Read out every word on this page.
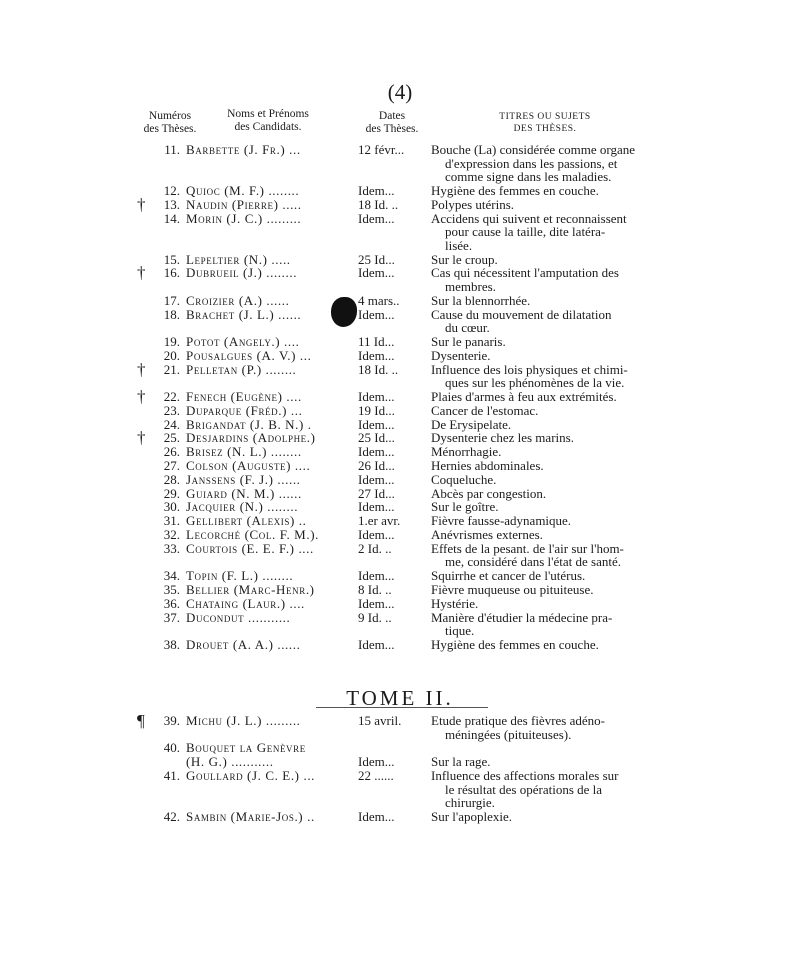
(4)
Numéros
des Thèses.
Noms et Prénoms
des Candidats.
Dates
des Thèses.
TITRES OU SUJETS
DES THÈSES.
11. Barbette (J. Fr.) ...	12 févr... Bouche (La) considérée comme organe
d'expression dans les passions, et
comme signe dans les maladies.
12. Quioc (M. F.) ........	Idem...	Hygiène des femmes en couche.
†	13. Naudin (Pierre) .....	18 Id. ..	Polypes utérins.
14. Morin (J. C.) .........	Idem...	Accidens qui suivent et reconnaissent
pour cause la taille, dite latéra-
lisée.
15. Lepeltier (N.) .....	25 Id...	Sur le croup.
†	16. Dubrueil (J.) ........	Idem...	Cas qui nécessitent l'amputation des
membres.
17. Croizier (A.) ......	4 mars.. Sur la blennorrhée.
18. Brachet (J. L.) ......	Idem...	Cause du mouvement de dilatation
du cœur.
19. Potot (Angely.) ....	11 Id...	Sur le panaris.
20. Pousalgues (A. V.) ...	Idem...	Dysenterie.
†	21. Pelletan (P.) ........	18 Id. ..	Influence des lois physiques et chimi-
ques sur les phénomènes de la vie.
†	22. Fenech (Eugène) ....	Idem...	Plaies d'armes à feu aux extrémités.
23. Duparque (Fréd.) ...	19 Id...	Cancer de l'estomac.
24. Brigandat (J. B. N.) .	Idem...	De Erysipelate.
†	25. Desjardins (Adolphe.)	25 Id...	Dysenterie chez les marins.
26. Brisez (N. L.) ........	Idem...	Ménorrhagie.
27. Colson (Auguste) ....	26 Id...	Hernies abdominales.
28. Janssens (F. J.) ......	Idem...	Coqueluche.
29. Guiard (N. M.) ......	27 Id...	Abcès par congestion.
30. Jacquier (N.) ........	Idem...	Sur le goître.
31. Gellibert (Alexis) ..	1.er avr. Fièvre fausse-adynamique.
32. Lecorché (Col. F. M.).	Idem...	Anévrismes externes.
33. Courtois (E. E. F.) ....	2 Id. ..	Effets de la pesant. de l'air sur l'hom-
me, considéré dans l'état de santé.
34. Topin (F. L.) ........	Idem...	Squirrhe et cancer de l'utérus.
35. Bellier (Marc-Henr.)	8 Id. ..	Fièvre muqueuse ou pituiteuse.
36. Chataing (Laur.) ....	Idem...	Hystérie.
37. Ducondut ...........	9 Id. ..	Manière d'étudier la médecine pra-
tique.
38. Drouet (A. A.) ......	Idem...	Hygiène des femmes en couche.
TOME II.
¶	39. Michu (J. L.) .........	15 avril. Etude pratique des fièvres adéno-
méningées (pituiteuses).
40. Bouquet la Genèvre
(H. G.) ...........	Idem...	Sur la rage.
41. Goullard (J. C. E.) ...	22 ......	Influence des affections morales sur
le résultat des opérations de la
chirurgie.
42. Sambin (Marie-Jos.) ..	Idem...	Sur l'apoplexie.
